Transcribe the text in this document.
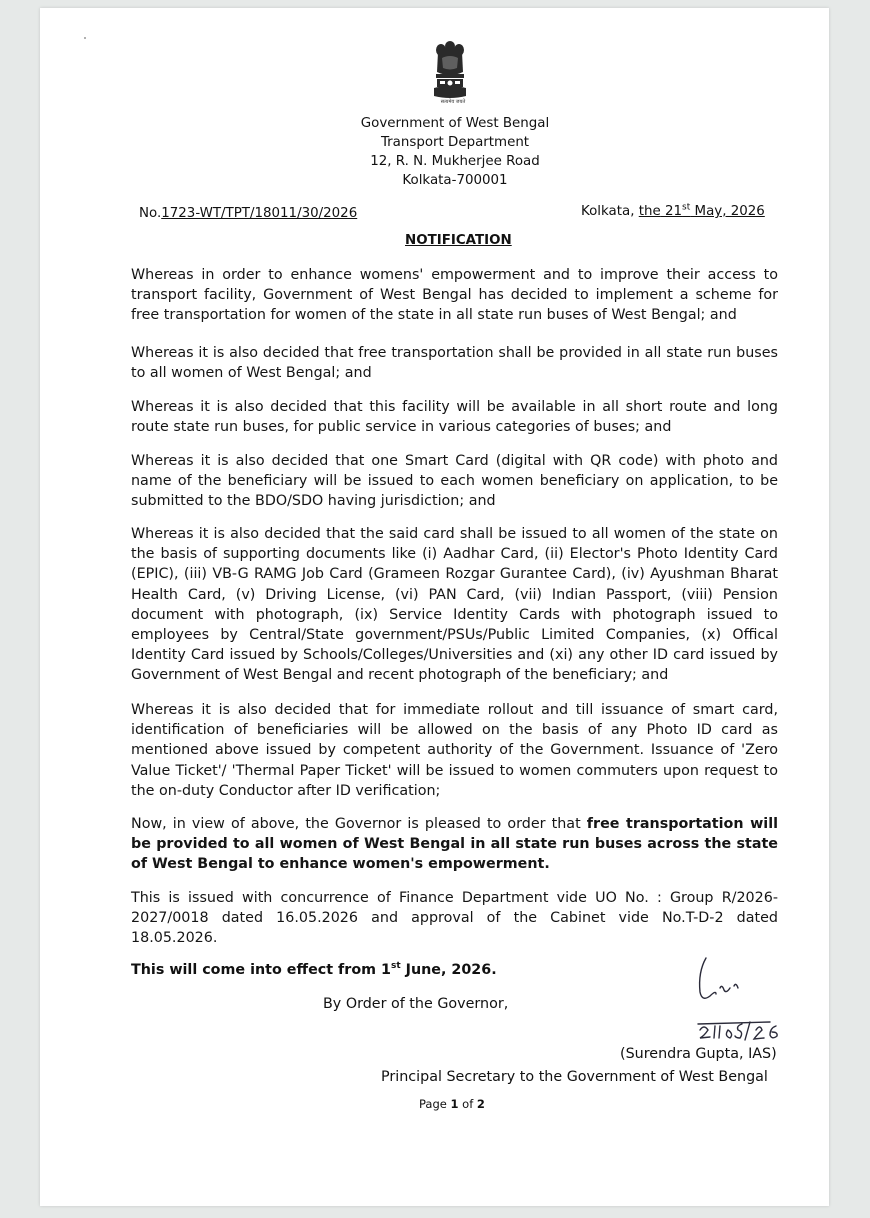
सत्यमेव जयते
Government of West Bengal
Transport Department
12, R. N. Mukherjee Road
Kolkata-700001
No.1723-WT/TPT/18011/30/2026	Kolkata, the 21st May, 2026
NOTIFICATION

Whereas in order to enhance womens' empowerment and to improve their access to transport facility, Government of West Bengal has decided to implement a scheme for free transportation for women of the state in all state run buses of West Bengal; and

Whereas it is also decided that free transportation shall be provided in all state run buses to all women of West Bengal; and

Whereas it is also decided that this facility will be available in all short route and long route state run buses, for public service in various categories of buses; and

Whereas it is also decided that one Smart Card (digital with QR code) with photo and name of the beneficiary will be issued to each women beneficiary on application, to be submitted to the BDO/SDO having jurisdiction; and

Whereas it is also decided that the said card shall be issued to all women of the state on the basis of supporting documents like (i) Aadhar Card, (ii) Elector's Photo Identity Card (EPIC), (iii) VB-G RAMG Job Card (Grameen Rozgar Gurantee Card), (iv) Ayushman Bharat Health Card, (v) Driving License, (vi) PAN Card, (vii) Indian Passport, (viii) Pension document with photograph, (ix) Service Identity Cards with photograph issued to employees by Central/State government/PSUs/Public Limited Companies, (x) Offical Identity Card issued by Schools/Colleges/Universities and (xi) any other ID card issued by Government of West Bengal and recent photograph of the beneficiary; and

Whereas it is also decided that for immediate rollout and till issuance of smart card, identification of beneficiaries will be allowed on the basis of any Photo ID card as mentioned above issued by competent authority of the Government. Issuance of 'Zero Value Ticket'/ 'Thermal Paper Ticket' will be issued to women commuters upon request to the on-duty Conductor after ID verification;

Now, in view of above, the Governor is pleased to order that free transportation will be provided to all women of West Bengal in all state run buses across the state of West Bengal to enhance women's empowerment.

This is issued with concurrence of Finance Department vide UO No. : Group R/2026-2027/0018 dated 16.05.2026 and approval of the Cabinet vide No.T-D-2 dated 18.05.2026.

This will come into effect from 1st June, 2026.
By Order of the Governor,
(Surendra Gupta, IAS)
Principal Secretary to the Government of West Bengal
Page 1 of 2
